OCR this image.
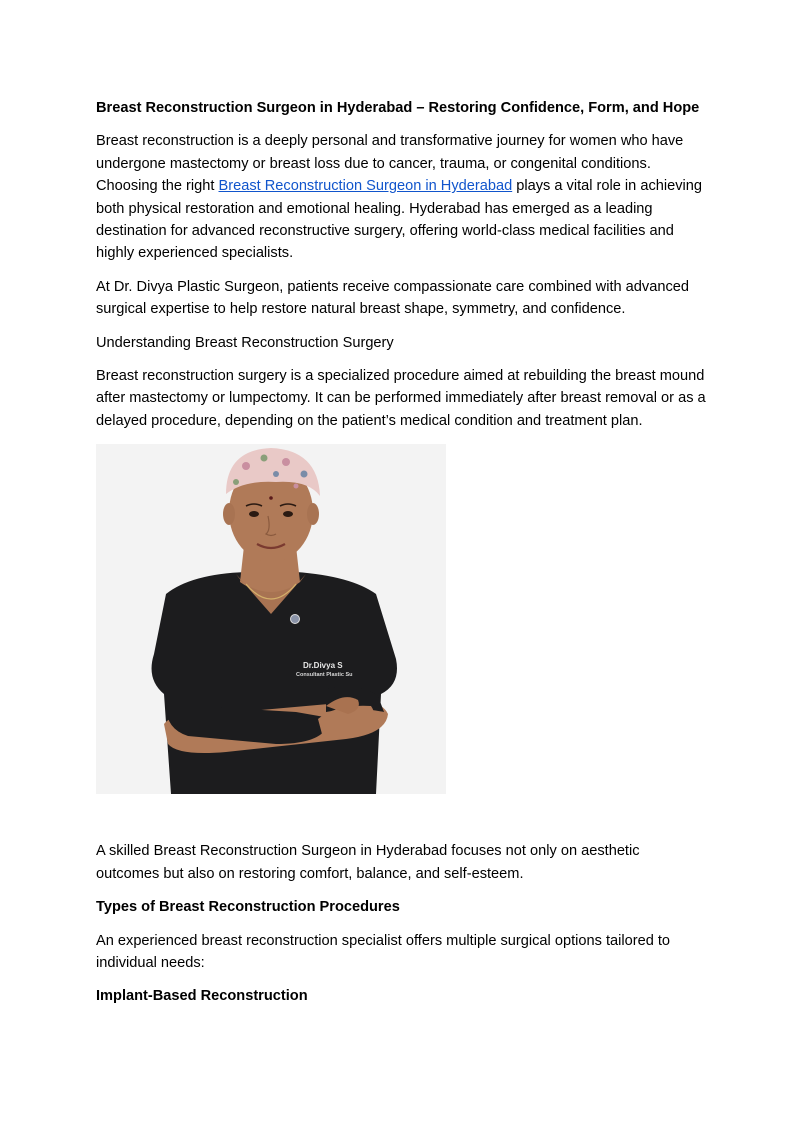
Breast Reconstruction Surgeon in Hyderabad – Restoring Confidence, Form, and Hope

Breast reconstruction is a deeply personal and transformative journey for women who have undergone mastectomy or breast loss due to cancer, trauma, or congenital conditions. Choosing the right Breast Reconstruction Surgeon in Hyderabad plays a vital role in achieving both physical restoration and emotional healing. Hyderabad has emerged as a leading destination for advanced reconstructive surgery, offering world-class medical facilities and highly experienced specialists.

At Dr. Divya Plastic Surgeon, patients receive compassionate care combined with advanced surgical expertise to help restore natural breast shape, symmetry, and confidence.

Understanding Breast Reconstruction Surgery

Breast reconstruction surgery is a specialized procedure aimed at rebuilding the breast mound after mastectomy or lumpectomy. It can be performed immediately after breast removal or as a delayed procedure, depending on the patient’s medical condition and treatment plan.

Dr.Divya S
Consultant Plastic Su

A skilled Breast Reconstruction Surgeon in Hyderabad focuses not only on aesthetic outcomes but also on restoring comfort, balance, and self-esteem.

Types of Breast Reconstruction Procedures

An experienced breast reconstruction specialist offers multiple surgical options tailored to individual needs:

Implant-Based Reconstruction
